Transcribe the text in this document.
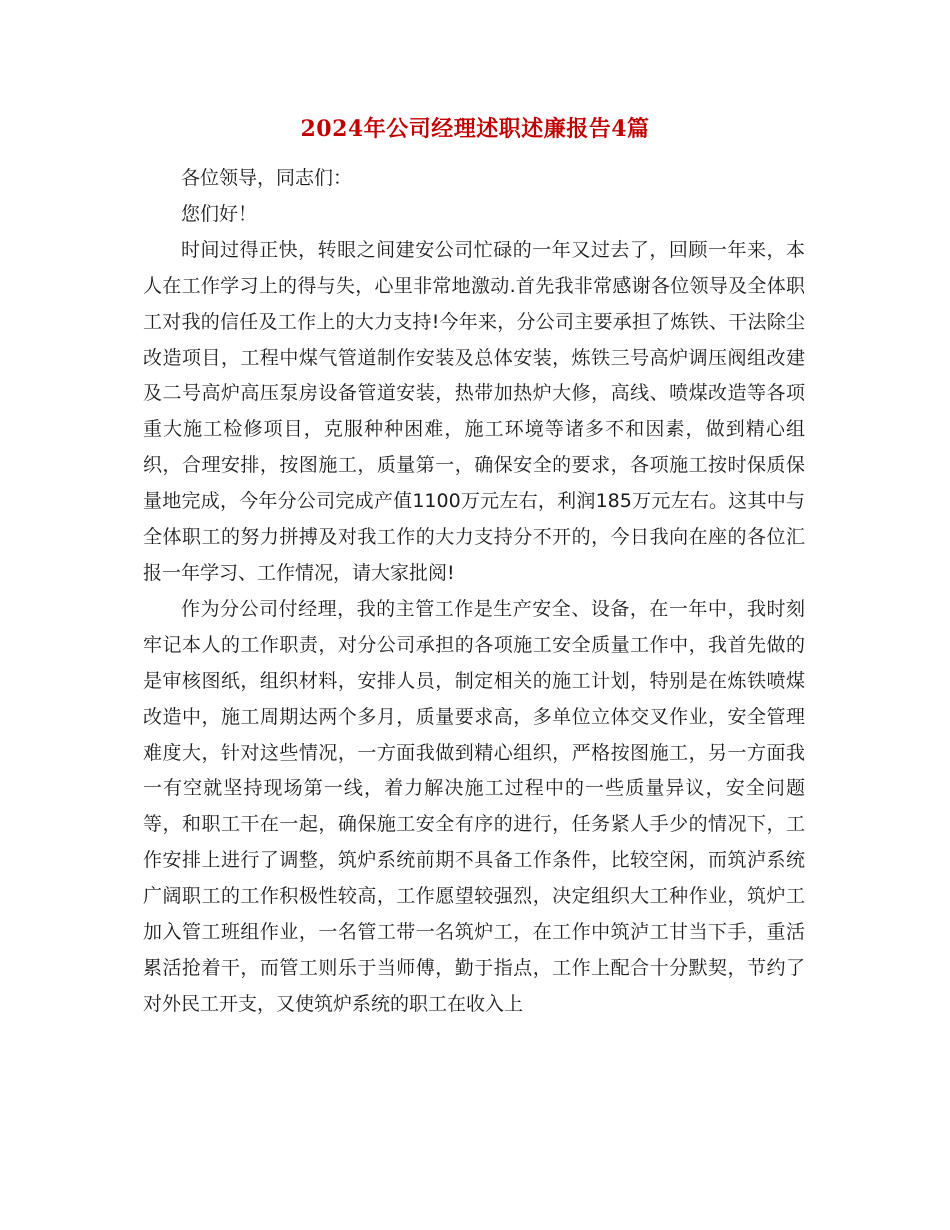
2024年公司经理述职述廉报告4篇

各位领导，同志们：

您们好！

时间过得正快，转眼之间建安公司忙碌的一年又过去了，回顾一年来，本人在工作学习上的得与失，心里非常地激动.首先我非常感谢各位领导及全体职工对我的信任及工作上的大力支持!今年来，分公司主要承担了炼铁、干法除尘改造项目，工程中煤气管道制作安装及总体安装，炼铁三号高炉调压阀组改建及二号高炉高压泵房设备管道安装，热带加热炉大修，高线、喷煤改造等各项重大施工检修项目，克服种种困难，施工环境等诸多不和因素，做到精心组织，合理安排，按图施工，质量第一，确保安全的要求，各项施工按时保质保量地完成，今年分公司完成产值1100万元左右，利润185万元左右。这其中与全体职工的努力拼搏及对我工作的大力支持分不开的，今日我向在座的各位汇报一年学习、工作情况，请大家批阅!

作为分公司付经理，我的主管工作是生产安全、设备，在一年中，我时刻牢记本人的工作职责，对分公司承担的各项施工安全质量工作中，我首先做的是审核图纸，组织材料，安排人员，制定相关的施工计划，特别是在炼铁喷煤改造中，施工周期达两个多月，质量要求高，多单位立体交叉作业，安全管理难度大，针对这些情况，一方面我做到精心组织，严格按图施工，另一方面我一有空就坚持现场第一线，着力解决施工过程中的一些质量异议，安全问题等，和职工干在一起，确保施工安全有序的进行，任务紧人手少的情况下，工作安排上进行了调整，筑炉系统前期不具备工作条件，比较空闲，而筑泸系统广阔职工的工作积极性较高，工作愿望较强烈，决定组织大工种作业，筑炉工加入管工班组作业，一名管工带一名筑炉工，在工作中筑泸工甘当下手，重活累活抢着干，而管工则乐于当师傅，勤于指点，工作上配合十分默契，节约了对外民工开支，又使筑炉系统的职工在收入上
